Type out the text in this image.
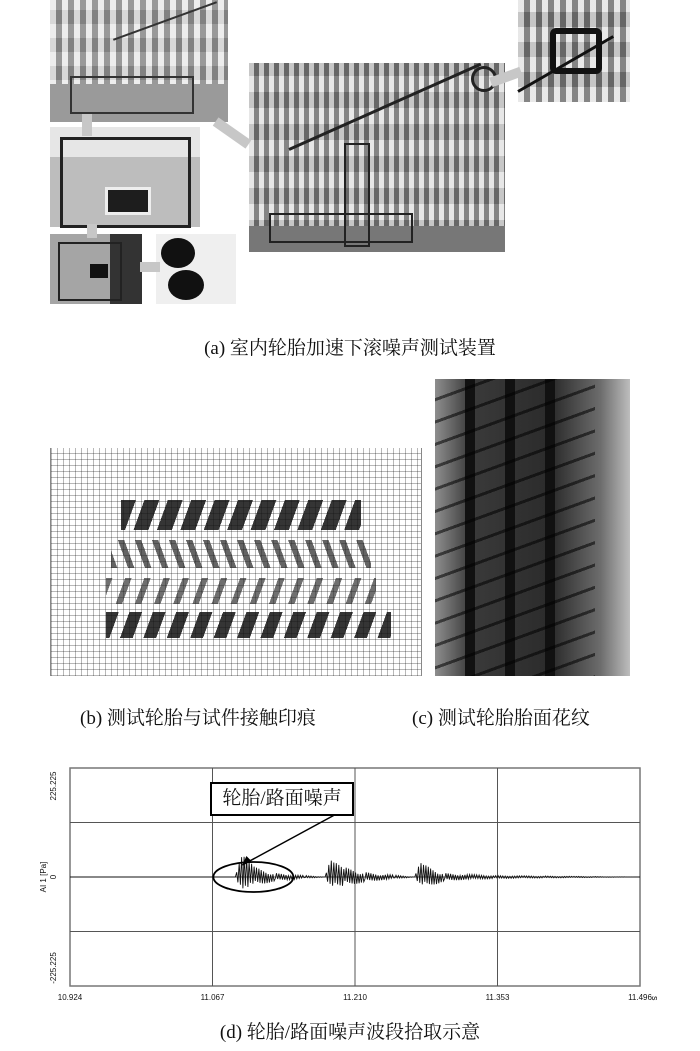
(a) 室内轮胎加速下滚噪声测试装置
(b) 测试轮胎与试件接触印痕	(c) 测试轮胎胎面花纹
10.924	11.067	11.210	11.353	11.496
s
225.225
0
-225.225
AI 1 [Pa]
轮胎/路面噪声
(d) 轮胎/路面噪声波段拾取示意
